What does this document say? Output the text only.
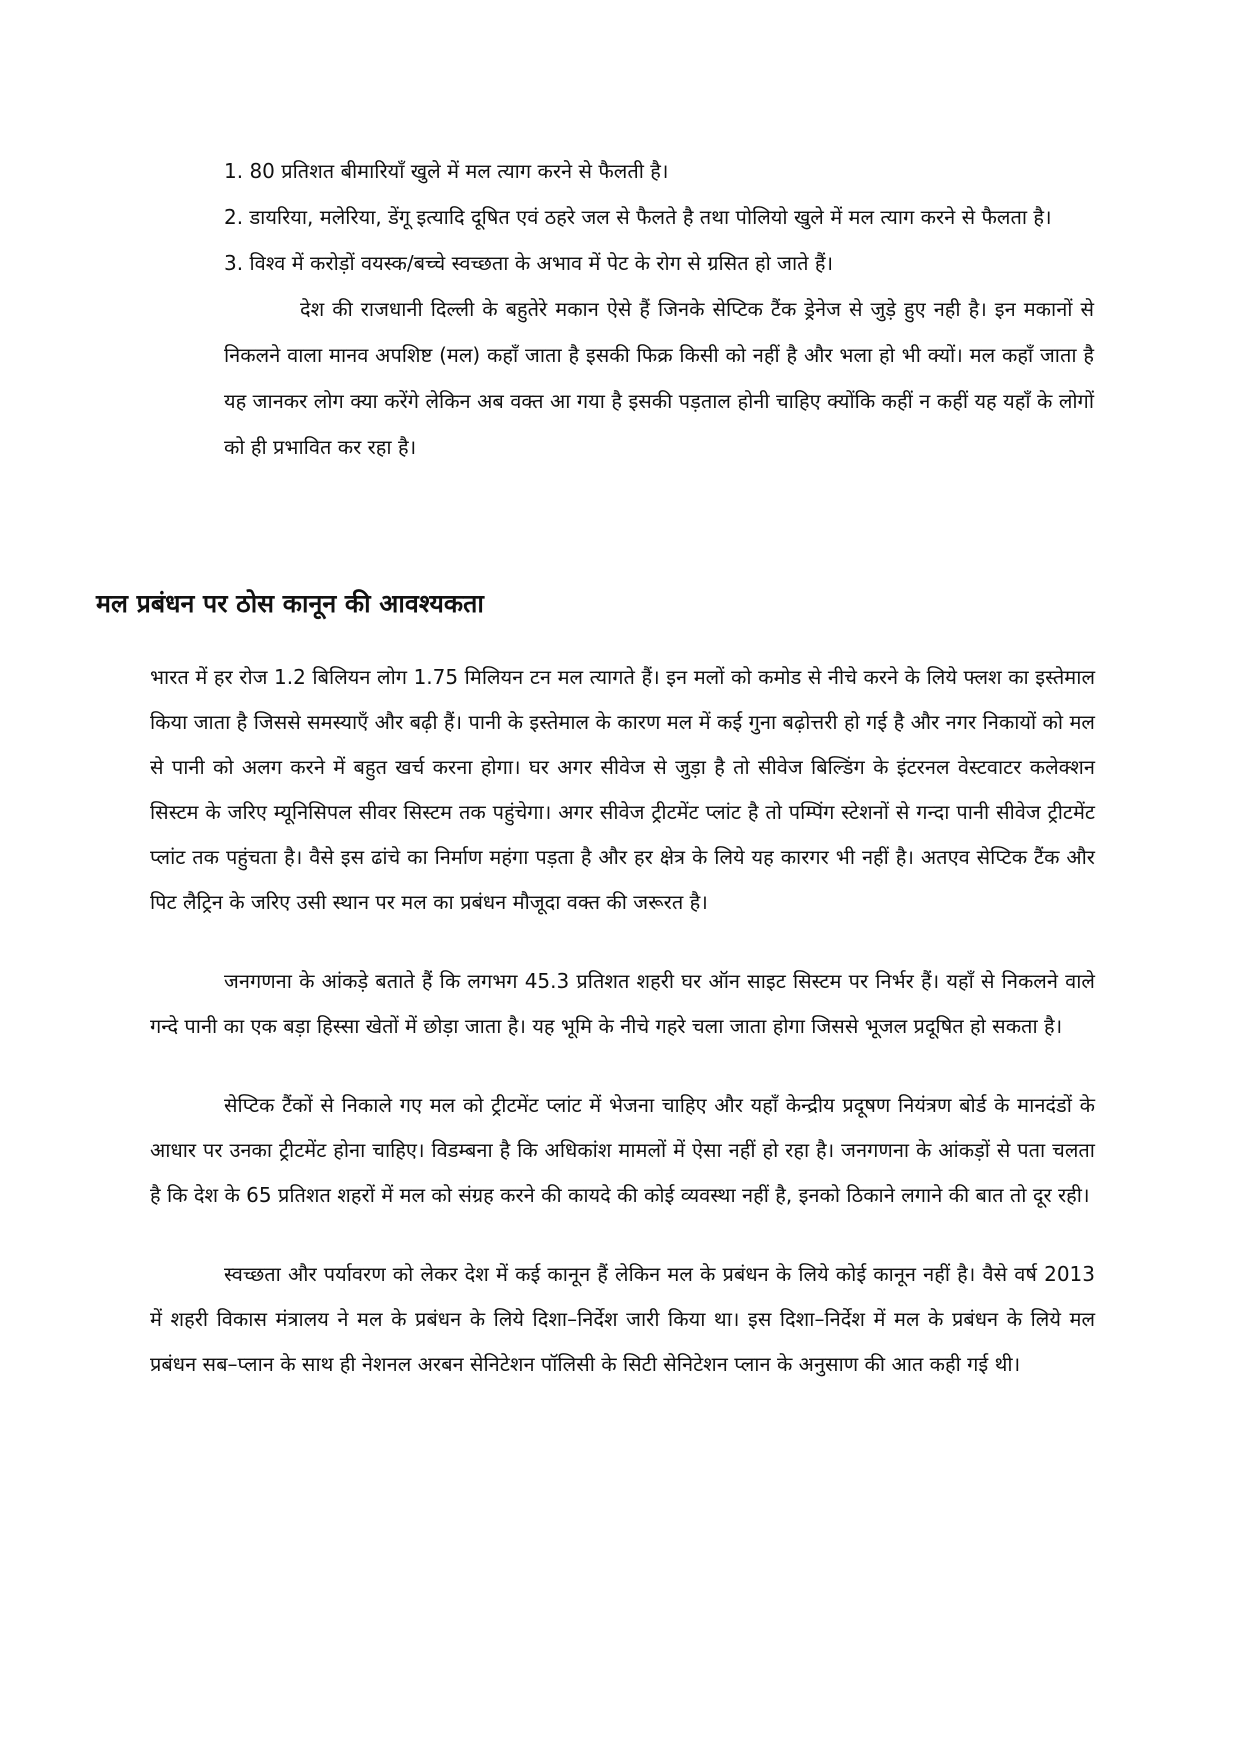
1. 80 प्रतिशत बीमारियाँ खुले में मल त्याग करने से फैलती है।

2. डायरिया, मलेरिया, डेंगू इत्यादि दूषित एवं ठहरे जल से फैलते है तथा पोलियो खुले में मल त्याग करने से फैलता है।

3. विश्व में करोड़ों वयस्क/बच्चे स्वच्छता के अभाव में पेट के रोग से ग्रसित हो जाते हैं।

देश की राजधानी दिल्ली के बहुतेरे मकान ऐसे हैं जिनके सेप्टिक टैंक ड्रेनेज से जुड़े हुए नही है। इन मकानों से निकलने वाला मानव अपशिष्ट (मल) कहाँ जाता है इसकी फिक्र किसी को नहीं है और भला हो भी क्यों। मल कहाँ जाता है यह जानकर लोग क्या करेंगे लेकिन अब वक्त आ गया है इसकी पड़ताल होनी चाहिए क्योंकि कहीं न कहीं यह यहाँ के लोगों को ही प्रभावित कर रहा है।

मल प्रबंधन पर ठोस कानून की आवश्यकता

भारत में हर रोज 1.2 बिलियन लोग 1.75 मिलियन टन मल त्यागते हैं। इन मलों को कमोड से नीचे करने के लिये फ्लश का इस्तेमाल किया जाता है जिससे समस्याएँ और बढ़ी हैं। पानी के इस्तेमाल के कारण मल में कई गुना बढ़ोत्तरी हो गई है और नगर निकायों को मल से पानी को अलग करने में बहुत खर्च करना होगा। घर अगर सीवेज से जुड़ा है तो सीवेज बिल्डिंग के इंटरनल वेस्टवाटर कलेक्शन सिस्टम के जरिए म्यूनिसिपल सीवर सिस्टम तक पहुंचेगा। अगर सीवेज ट्रीटमेंट प्लांट है तो पम्पिंग स्टेशनों से गन्दा पानी सीवेज ट्रीटमेंट प्लांट तक पहुंचता है। वैसे इस ढांचे का निर्माण महंगा पड़ता है और हर क्षेत्र के लिये यह कारगर भी नहीं है। अतएव सेप्टिक टैंक और पिट लैट्रिन के जरिए उसी स्थान पर मल का प्रबंधन मौजूदा वक्त की जरूरत है।

जनगणना के आंकड़े बताते हैं कि लगभग 45.3 प्रतिशत शहरी घर ऑन साइट सिस्टम पर निर्भर हैं। यहाँ से निकलने वाले गन्दे पानी का एक बड़ा हिस्सा खेतों में छोड़ा जाता है। यह भूमि के नीचे गहरे चला जाता होगा जिससे भूजल प्रदूषित हो सकता है।

सेप्टिक टैंकों से निकाले गए मल को ट्रीटमेंट प्लांट में भेजना चाहिए और यहाँ केन्द्रीय प्रदूषण नियंत्रण बोर्ड के मानदंडों के आधार पर उनका ट्रीटमेंट होना चाहिए। विडम्बना है कि अधिकांश मामलों में ऐसा नहीं हो रहा है। जनगणना के आंकड़ों से पता चलता है कि देश के 65 प्रतिशत शहरों में मल को संग्रह करने की कायदे की कोई व्यवस्था नहीं है, इनको ठिकाने लगाने की बात तो दूर रही।

स्वच्छता और पर्यावरण को लेकर देश में कई कानून हैं लेकिन मल के प्रबंधन के लिये कोई कानून नहीं है। वैसे वर्ष 2013 में शहरी विकास मंत्रालय ने मल के प्रबंधन के लिये दिशा–निर्देश जारी किया था। इस दिशा–निर्देश में मल के प्रबंधन के लिये मल प्रबंधन सब–प्लान के साथ ही नेशनल अरबन सेनिटेशन पॉलिसी के सिटी सेनिटेशन प्लान के अनुसाण की आत कही गई थी।
